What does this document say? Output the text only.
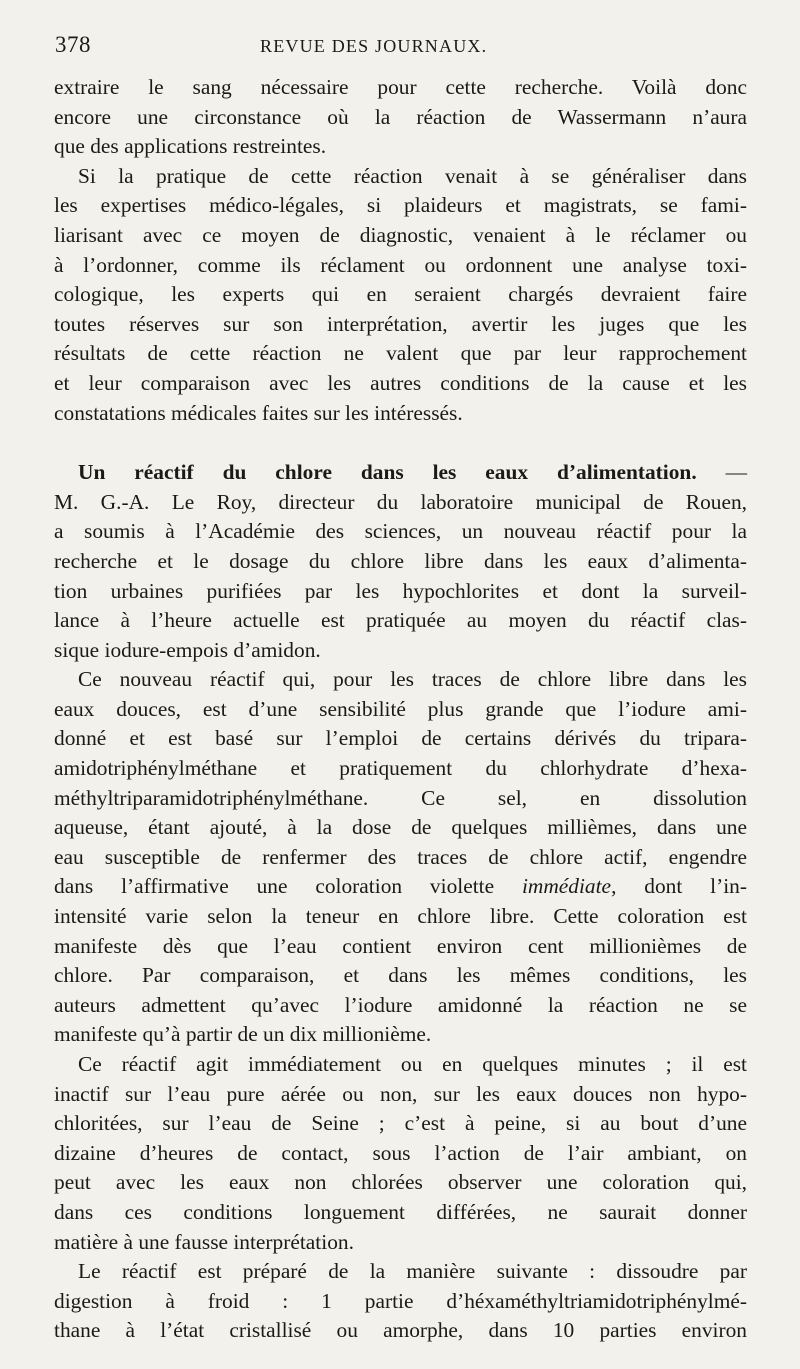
378	REVUE DES JOURNAUX.
extraire le sang nécessaire pour cette recherche. Voilà donc
encore une circonstance où la réaction de Wassermann n’aura
que des applications restreintes.
Si la pratique de cette réaction venait à se généraliser dans
les expertises médico-légales, si plaideurs et magistrats, se fami-
liarisant avec ce moyen de diagnostic, venaient à le réclamer ou
à l’ordonner, comme ils réclament ou ordonnent une analyse toxi-
cologique, les experts qui en seraient chargés devraient faire
toutes réserves sur son interprétation, avertir les juges que les
résultats de cette réaction ne valent que par leur rapprochement
et leur comparaison avec les autres conditions de la cause et les
constatations médicales faites sur les intéressés.
Un réactif du chlore dans les eaux d’alimentation. —
M. G.-A. Le Roy, directeur du laboratoire municipal de Rouen,
a soumis à l’Académie des sciences, un nouveau réactif pour la
recherche et le dosage du chlore libre dans les eaux d’alimenta-
tion urbaines purifiées par les hypochlorites et dont la surveil-
lance à l’heure actuelle est pratiquée au moyen du réactif clas-
sique iodure-empois d’amidon.
Ce nouveau réactif qui, pour les traces de chlore libre dans les
eaux douces, est d’une sensibilité plus grande que l’iodure ami-
donné et est basé sur l’emploi de certains dérivés du tripara-
amidotriphénylméthane et pratiquement du chlorhydrate d’hexa-
méthyltriparamidotriphénylméthane. Ce sel, en dissolution
aqueuse, étant ajouté, à la dose de quelques millièmes, dans une
eau susceptible de renfermer des traces de chlore actif, engendre
dans l’affirmative une coloration violette immédiate, dont l’in-
intensité varie selon la teneur en chlore libre. Cette coloration est
manifeste dès que l’eau contient environ cent millionièmes de
chlore. Par comparaison, et dans les mêmes conditions, les
auteurs admettent qu’avec l’iodure amidonné la réaction ne se
manifeste qu’à partir de un dix millionième.
Ce réactif agit immédiatement ou en quelques minutes ; il est
inactif sur l’eau pure aérée ou non, sur les eaux douces non hypo-
chloritées, sur l’eau de Seine ; c’est à peine, si au bout d’une
dizaine d’heures de contact, sous l’action de l’air ambiant, on
peut avec les eaux non chlorées observer une coloration qui,
dans ces conditions longuement différées, ne saurait donner
matière à une fausse interprétation.
Le réactif est préparé de la manière suivante : dissoudre par
digestion à froid : 1 partie d’héxaméthyltriamidotriphénylmé-
thane à l’état cristallisé ou amorphe, dans 10 parties environ
